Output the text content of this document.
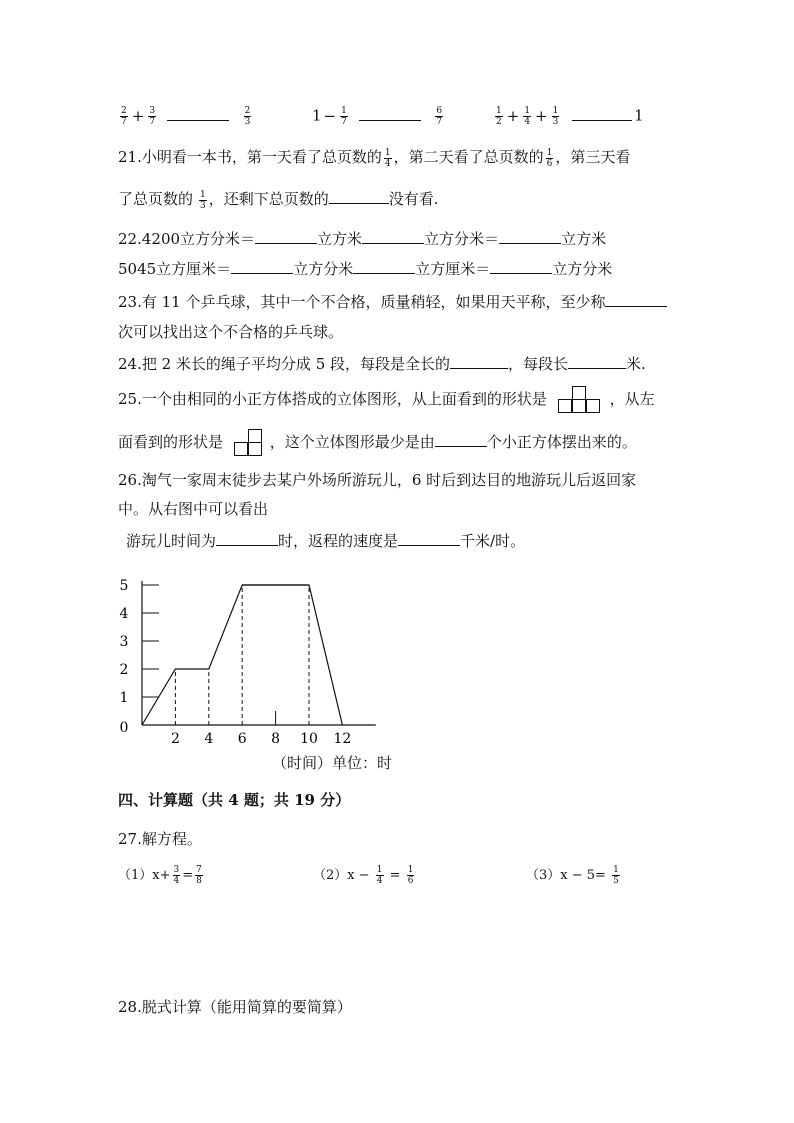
$\frac{2}{7} + \frac{3}{7}$
	$\frac{2}{3}$	$1 - \frac{1}{7}$
	$\frac{6}{7}$	$\frac{1}{2} + \frac{1}{4} + \frac{1}{3}$	1
21.小明看一本书，第一天看了总页数的 $\frac{1}{4}$ ，第二天看了总页数的 $\frac{1}{6}$ ，第三天看
了总页数的 $\frac{1}{3}$ ，还剩下总页数的	没有看.
22.4200立方分米＝	立方米	立方分米＝	立方米
5045立方厘米＝	立方分米	立方厘米＝	立方分米
23.有 11 个乒乓球，其中一个不合格，质量稍轻，如果用天平称，至少称
次可以找出这个不合格的乒乓球。
24.把 2 米长的绳子平均分成 5 段，每段是全长的	，每段长	米.
25.一个由相同的小正方体搭成的立体图形，从上面看到的形状是	，从左
面看到的形状是	，这个立体图形最少是由	个小正方体摆出来的。
26.淘气一家周末徒步去某户外场所游玩儿，6 时后到达目的地游玩儿后返回家
中。从右图中可以看出
游玩儿时间为	时，返程的速度是	千米/时。
2 4 6 8 10 12
0
1
2
3
4
5
（时间）单位：时
四、计算题（共 4 题；共 19 分）
27.解方程。
$(1)x+ \frac{3}{4} = \frac{7}{8}$	$(2)x - \frac{1}{4} = \frac{1}{6}$	$(3)x - 5= \frac{1}{5}$
28.脱式计算（能用简算的要简算）
